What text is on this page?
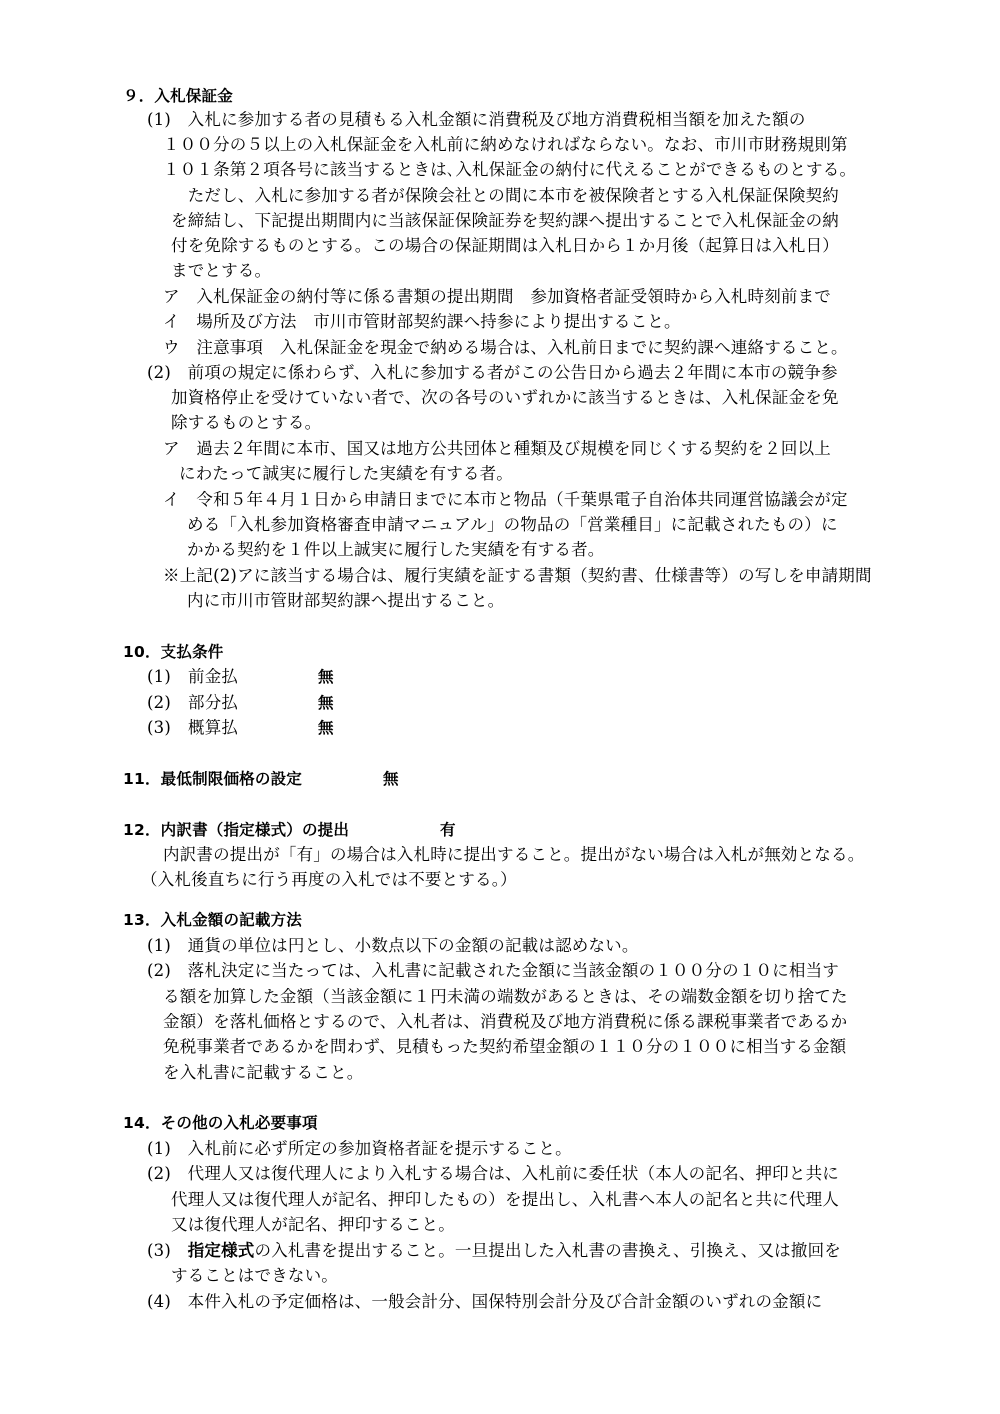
９．入札保証金
(1)　入札に参加する者の見積もる入札金額に消費税及び地方消費税相当額を加えた額の
１００分の５以上の入札保証金を入札前に納めなければならない。なお、市川市財務規則第
１０１条第２項各号に該当するときは､入札保証金の納付に代えることができるものとする。
　ただし、入札に参加する者が保険会社との間に本市を被保険者とする入札保証保険契約
を締結し、下記提出期間内に当該保証保険証券を契約課へ提出することで入札保証金の納
付を免除するものとする。この場合の保証期間は入札日から１か月後（起算日は入札日）
までとする。
ア　入札保証金の納付等に係る書類の提出期間　参加資格者証受領時から入札時刻前まで
イ　場所及び方法　市川市管財部契約課へ持参により提出すること。
ウ　注意事項　入札保証金を現金で納める場合は、入札前日までに契約課へ連絡すること。
(2)　前項の規定に係わらず、入札に参加する者がこの公告日から過去２年間に本市の競争参
加資格停止を受けていない者で、次の各号のいずれかに該当するときは、入札保証金を免
除するものとする。
ア　過去２年間に本市、国又は地方公共団体と種類及び規模を同じくする契約を２回以上
にわたって誠実に履行した実績を有する者。
イ　令和５年４月１日から申請日までに本市と物品（千葉県電子自治体共同運営協議会が定
める「入札参加資格審査申請マニュアル」の物品の「営業種目」に記載されたもの）に
かかる契約を１件以上誠実に履行した実績を有する者。
※上記(2)アに該当する場合は、履行実績を証する書類（契約書、仕様書等）の写しを申請期間
内に市川市管財部契約課へ提出すること。
10．支払条件
(1) 前金払	無
(2) 部分払	無
(3) 概算払	無
11．最低制限価格の設定	無
12．内訳書（指定様式）の提出	有
内訳書の提出が「有」の場合は入札時に提出すること。提出がない場合は入札が無効となる。
（入札後直ちに行う再度の入札では不要とする。）
13．入札金額の記載方法
(1)　通貨の単位は円とし、小数点以下の金額の記載は認めない。
(2)　落札決定に当たっては、入札書に記載された金額に当該金額の１００分の１０に相当す
る額を加算した金額（当該金額に１円未満の端数があるときは、その端数金額を切り捨てた
金額）を落札価格とするので、入札者は、消費税及び地方消費税に係る課税事業者であるか
免税事業者であるかを問わず、見積もった契約希望金額の１１０分の１００に相当する金額
を入札書に記載すること。
14．その他の入札必要事項
(1)　入札前に必ず所定の参加資格者証を提示すること。
(2)　代理人又は復代理人により入札する場合は、入札前に委任状（本人の記名、押印と共に
代理人又は復代理人が記名、押印したもの）を提出し、入札書へ本人の記名と共に代理人
又は復代理人が記名、押印すること。
(3)　指定様式の入札書を提出すること。一旦提出した入札書の書換え、引換え、又は撤回を
することはできない。
(4)　本件入札の予定価格は、一般会計分、国保特別会計分及び合計金額のいずれの金額に
